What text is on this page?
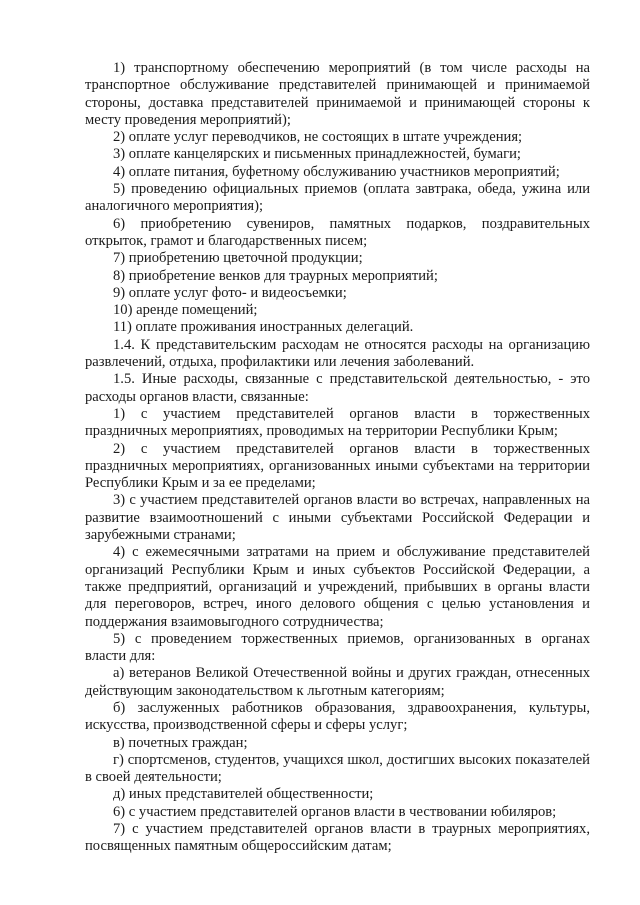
1) транспортному обеспечению мероприятий (в том числе расходы на транспортное обслуживание представителей принимающей и принимаемой стороны, доставка представителей принимаемой и принимающей стороны к месту проведения мероприятий);

2) оплате услуг переводчиков, не состоящих в штате учреждения;

3) оплате канцелярских и письменных принадлежностей, бумаги;

4) оплате питания, буфетному обслуживанию участников мероприятий;

5) проведению официальных приемов (оплата завтрака, обеда, ужина или аналогичного мероприятия);

6) приобретению сувениров, памятных подарков, поздравительных открыток, грамот и благодарственных писем;

7) приобретению цветочной продукции;

8) приобретение венков для траурных мероприятий;

9) оплате услуг фото- и видеосъемки;

10) аренде помещений;

11) оплате проживания иностранных делегаций.

1.4. К представительским расходам не относятся расходы на организацию развлечений, отдыха, профилактики или лечения заболеваний.

1.5. Иные расходы, связанные с представительской деятельностью, - это расходы органов власти, связанные:

1) с участием представителей органов власти в торжественных праздничных мероприятиях, проводимых на территории Республики Крым;

2) с участием представителей органов власти в торжественных праздничных мероприятиях, организованных иными субъектами на территории Республики Крым и за ее пределами;

3) с участием представителей органов власти во встречах, направленных на развитие взаимоотношений с иными субъектами Российской Федерации и зарубежными странами;

4) с ежемесячными затратами на прием и обслуживание представителей организаций Республики Крым и иных субъектов Российской Федерации, а также предприятий, организаций и учреждений, прибывших в органы власти для переговоров, встреч, иного делового общения с целью установления и поддержания взаимовыгодного сотрудничества;

5) с проведением торжественных приемов, организованных в органах власти для:

а) ветеранов Великой Отечественной войны и других граждан, отнесенных действующим законодательством к льготным категориям;

б) заслуженных работников образования, здравоохранения, культуры, искусства, производственной сферы и сферы услуг;

в) почетных граждан;

г) спортсменов, студентов, учащихся школ, достигших высоких показателей в своей деятельности;

д) иных представителей общественности;

6) с участием представителей органов власти в чествовании юбиляров;

7) с участием представителей органов власти в траурных мероприятиях, посвященных памятным общероссийским датам;
